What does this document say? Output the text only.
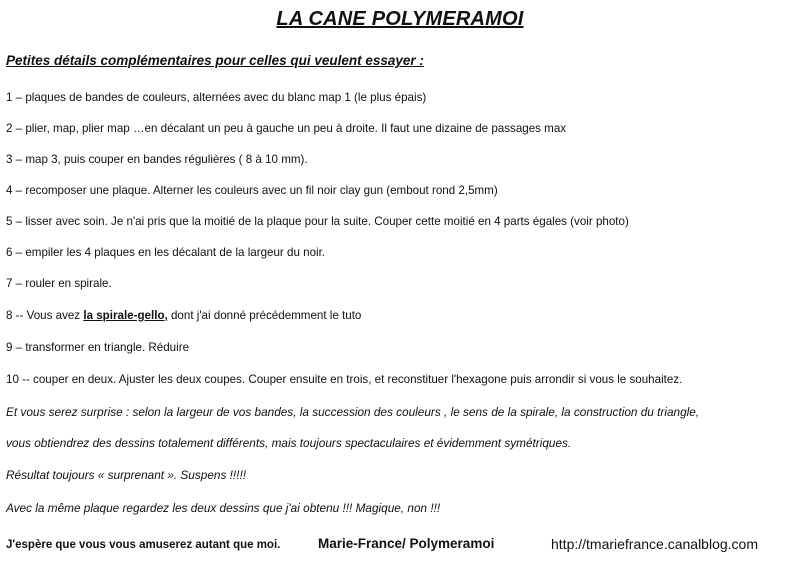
LA CANE POLYMERAMOI
Petites détails complémentaires pour celles qui veulent essayer :
1 – plaques de bandes de couleurs, alternées avec du blanc map 1 (le plus épais)
2 – plier, map, plier map …en décalant un peu à gauche un peu à droite. Il faut une dizaine de passages max
3 – map 3, puis couper en bandes régulières ( 8 à 10 mm).
4 – recomposer une plaque. Alterner les couleurs avec un fil noir clay gun (embout rond 2,5mm)
5 – lisser avec soin. Je n'ai pris que la moitié de la plaque pour la suite. Couper cette moitié en 4 parts égales (voir photo)
6 – empiler les 4 plaques en les décalant de la largeur du noir.
7 – rouler en spirale.
8 -- Vous avez la spirale-gello, dont j'ai donné précédemment le tuto
9 – transformer en triangle. Réduire
10 -- couper en deux. Ajuster les deux coupes. Couper ensuite en trois, et reconstituer l'hexagone puis arrondir si vous le souhaitez.
Et vous serez surprise : selon la largeur de vos bandes, la succession des couleurs , le sens de la spirale, la construction du triangle,
vous obtiendrez des dessins totalement différents, mais toujours spectaculaires et évidemment symétriques.
Résultat toujours « surprenant ». Suspens !!!!!
Avec la même plaque regardez les deux dessins que j'ai obtenu !!! Magique, non !!!
J'espère que vous vous amuserez autant que moi.	Marie-France/ Polymeramoi	http://tmariefrance.canalblog.com
